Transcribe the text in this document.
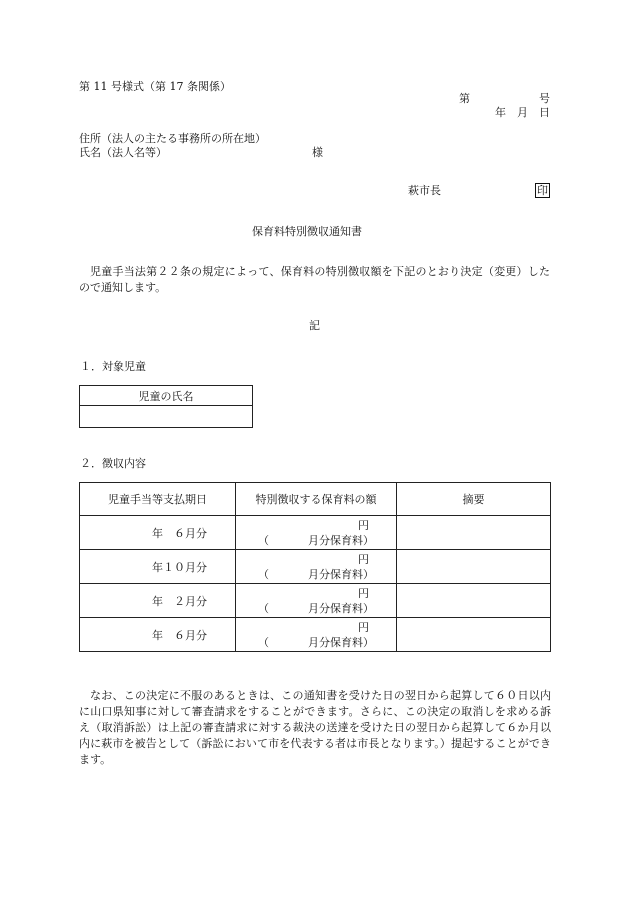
第 11 号様式（第 17 条関係）
第	号
年 月 日
住所（法人の主たる事務所の所在地）
氏名（法人名等）	様
萩市長	印
保育料特別徴収通知書
児童手当法第２２条の規定によって、保育料の特別徴収額を下記のとおり決定（変更）したので通知します。
記
１．対象児童
児童の氏名

２．徴収内容
児童手当等支払期日	特別徴収する保育料の額	摘要
年　６月分	円
（ 月分保育料）	

年１０月分	円
（ 月分保育料）	

年　２月分	円
（ 月分保育料）	

年　６月分	円
（ 月分保育料）	

なお、この決定に不服のあるときは、この通知書を受けた日の翌日から起算して６０日以内に山口県知事に対して審査請求をすることができます。さらに、この決定の取消しを求める訴え（取消訴訟）は上記の審査請求に対する裁決の送達を受けた日の翌日から起算して６か月以内に萩市を被告として（訴訟において市を代表する者は市長となります。）提起することができます。
